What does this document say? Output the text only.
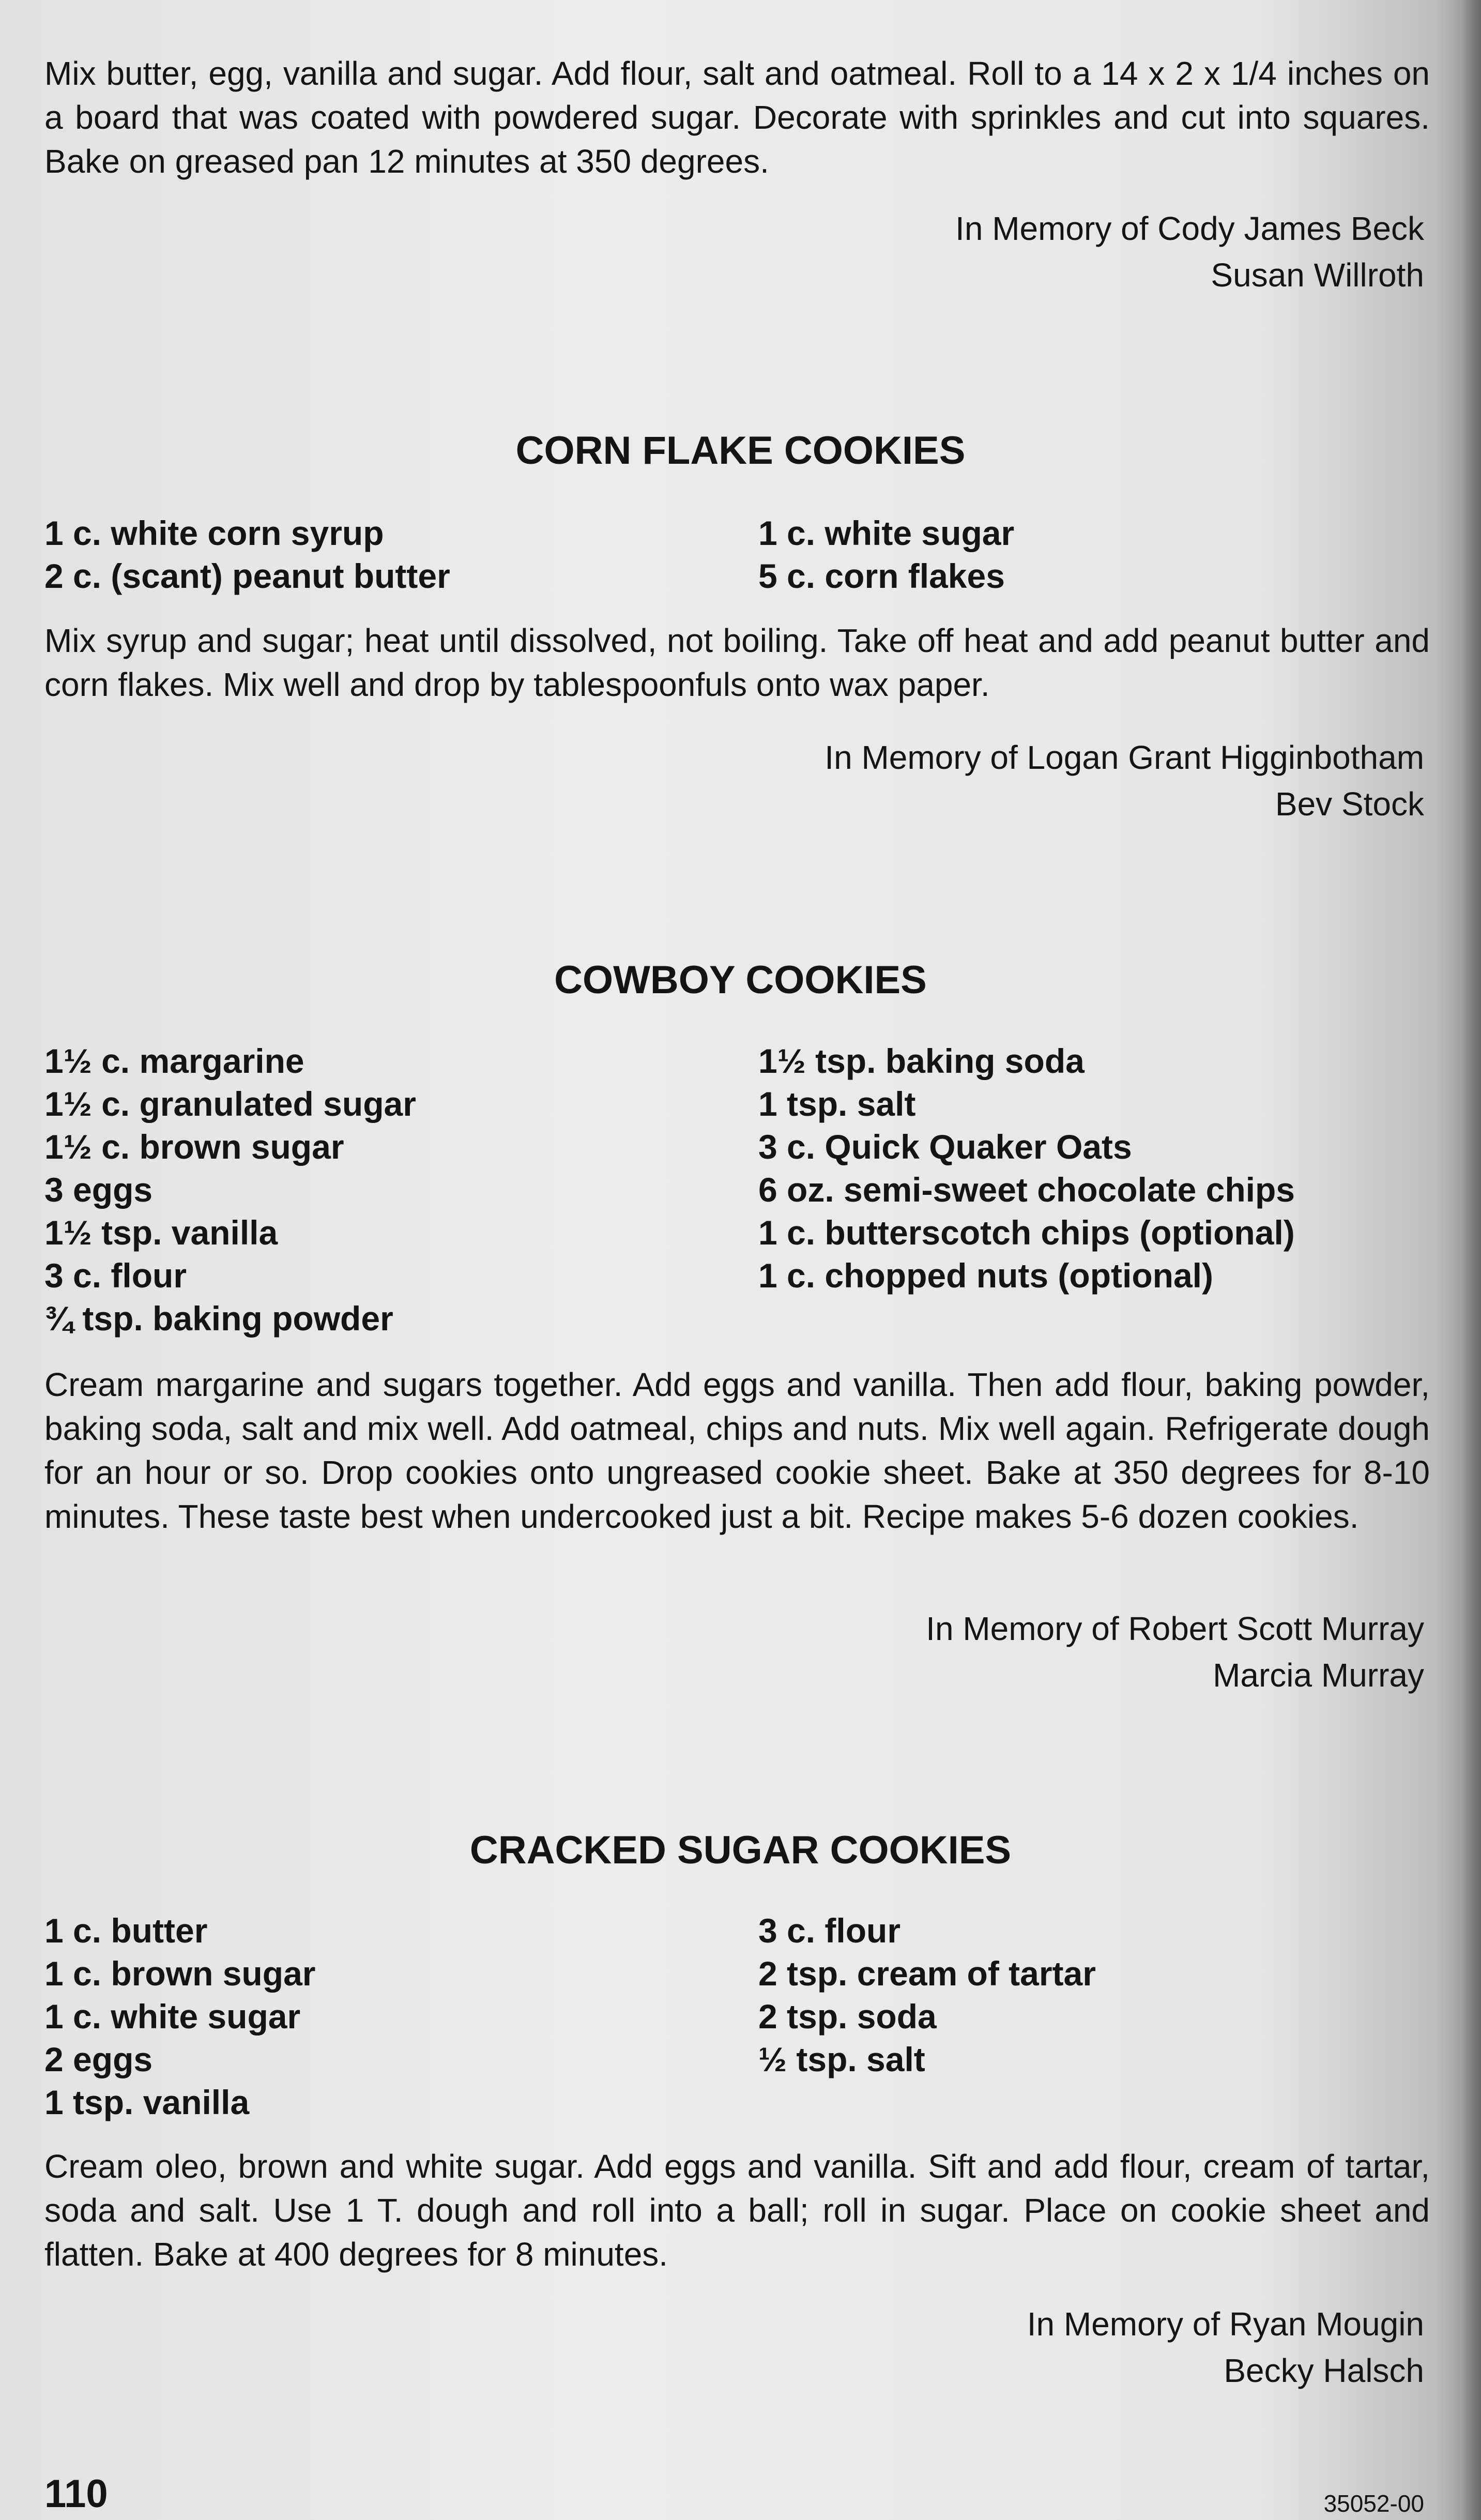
Mix butter, egg, vanilla and sugar. Add flour, salt and oatmeal. Roll to a 14 x 2 x 1/4 inches on a board that was coated with powdered sugar. Decorate with sprinkles and cut into squares. Bake on greased pan 12 minutes at 350 degrees.

In Memory of Cody James Beck
Susan Willroth
CORN FLAKE COOKIES
1 c. white corn syrup
2 c. (scant) peanut butter
1 c. white sugar
5 c. corn flakes

Mix syrup and sugar; heat until dissolved, not boiling. Take off heat and add peanut butter and corn flakes. Mix well and drop by tablespoonfuls onto wax paper.

In Memory of Logan Grant Higginbotham
Bev Stock
COWBOY COOKIES
1½ c. margarine
1½ c. granulated sugar
1½ c. brown sugar
3 eggs
1½ tsp. vanilla
3 c. flour
¾ tsp. baking powder
1½ tsp. baking soda
1 tsp. salt
3 c. Quick Quaker Oats
6 oz. semi-sweet chocolate chips
1 c. butterscotch chips (optional)
1 c. chopped nuts (optional)

Cream margarine and sugars together. Add eggs and vanilla. Then add flour, baking powder, baking soda, salt and mix well. Add oatmeal, chips and nuts. Mix well again. Refrigerate dough for an hour or so. Drop cookies onto ungreased cookie sheet. Bake at 350 degrees for 8-10 minutes. These taste best when undercooked just a bit. Recipe makes 5-6 dozen cookies.

In Memory of Robert Scott Murray
Marcia Murray
CRACKED SUGAR COOKIES
1 c. butter
1 c. brown sugar
1 c. white sugar
2 eggs
1 tsp. vanilla
3 c. flour
2 tsp. cream of tartar
2 tsp. soda
½ tsp. salt

Cream oleo, brown and white sugar. Add eggs and vanilla. Sift and add flour, cream of tartar, soda and salt. Use 1 T. dough and roll into a ball; roll in sugar. Place on cookie sheet and flatten. Bake at 400 degrees for 8 minutes.

In Memory of Ryan Mougin
Becky Halsch
110	35052-00
